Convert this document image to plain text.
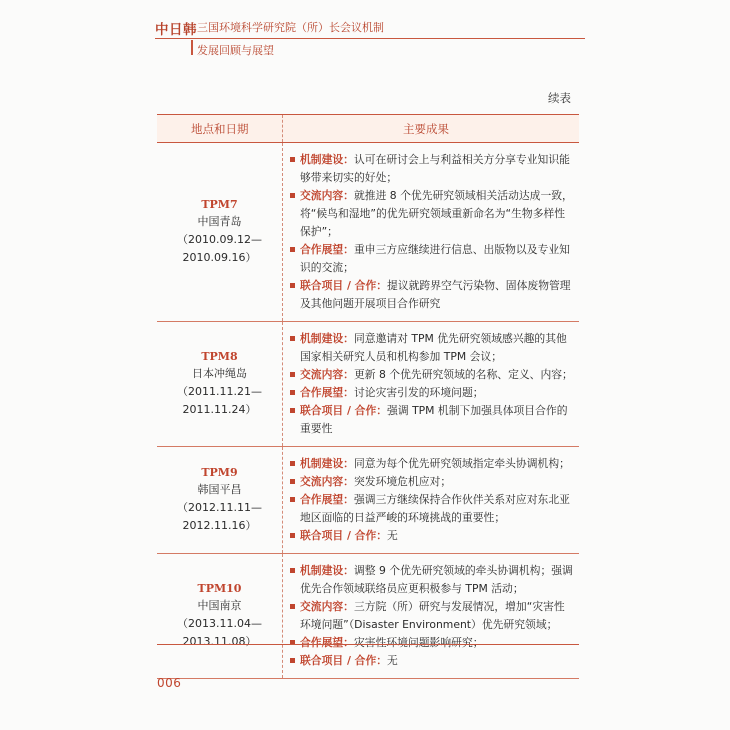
中日韩 三国环境科学研究院（所）长会议机制
发展回顾与展望
续表
地点和日期	主要成果
TPM7
中国青岛
（2010.09.12—
2010.09.16）
机制建设：认可在研讨会上与利益相关方分享专业知识能够带来切实的好处；
交流内容：就推进 8 个优先研究领域相关活动达成一致，将“候鸟和湿地”的优先研究领域重新命名为“生物多样性保护”；
合作展望：重申三方应继续进行信息、出版物以及专业知识的交流；
联合项目 / 合作：提议就跨界空气污染物、固体废物管理及其他问题开展项目合作研究
TPM8
日本冲绳岛
（2011.11.21—
2011.11.24）
机制建设：同意邀请对 TPM 优先研究领域感兴趣的其他国家相关研究人员和机构参加 TPM 会议；
交流内容：更新 8 个优先研究领域的名称、定义、内容；
合作展望：讨论灾害引发的环境问题；
联合项目 / 合作：强调 TPM 机制下加强具体项目合作的重要性
TPM9
韩国平昌
（2012.11.11—
2012.11.16）
机制建设：同意为每个优先研究领域指定牵头协调机构；
交流内容：突发环境危机应对；
合作展望：强调三方继续保持合作伙伴关系对应对东北亚地区面临的日益严峻的环境挑战的重要性；
联合项目 / 合作：无
TPM10
中国南京
（2013.11.04—
2013.11.08）
机制建设：调整 9 个优先研究领域的牵头协调机构；强调优先合作领域联络员应更积极参与 TPM 活动；
交流内容：三方院（所）研究与发展情况，增加“灾害性环境问题”（Disaster Environment）优先研究领域；
合作展望：灾害性环境问题影响研究；
联合项目 / 合作：无
006
